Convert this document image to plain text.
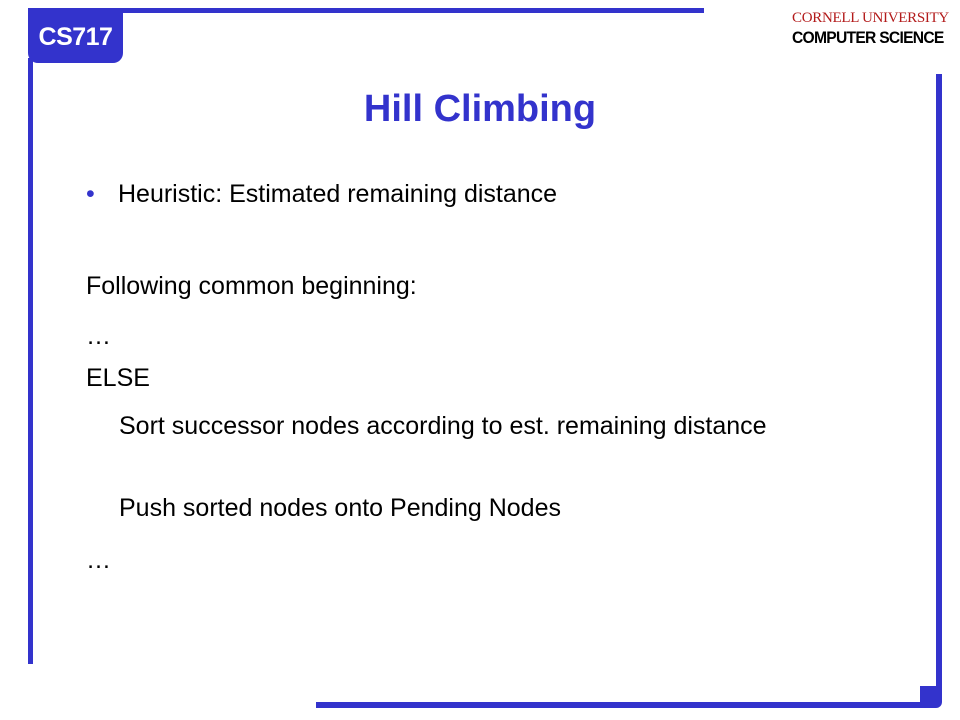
CS717
CORNELL UNIVERSITY
COMPUTER SCIENCE
Hill Climbing

• Heuristic: Estimated remaining distance

Following common beginning:

…

ELSE

Sort successor nodes according to est. remaining distance

Push sorted nodes onto Pending Nodes

…
